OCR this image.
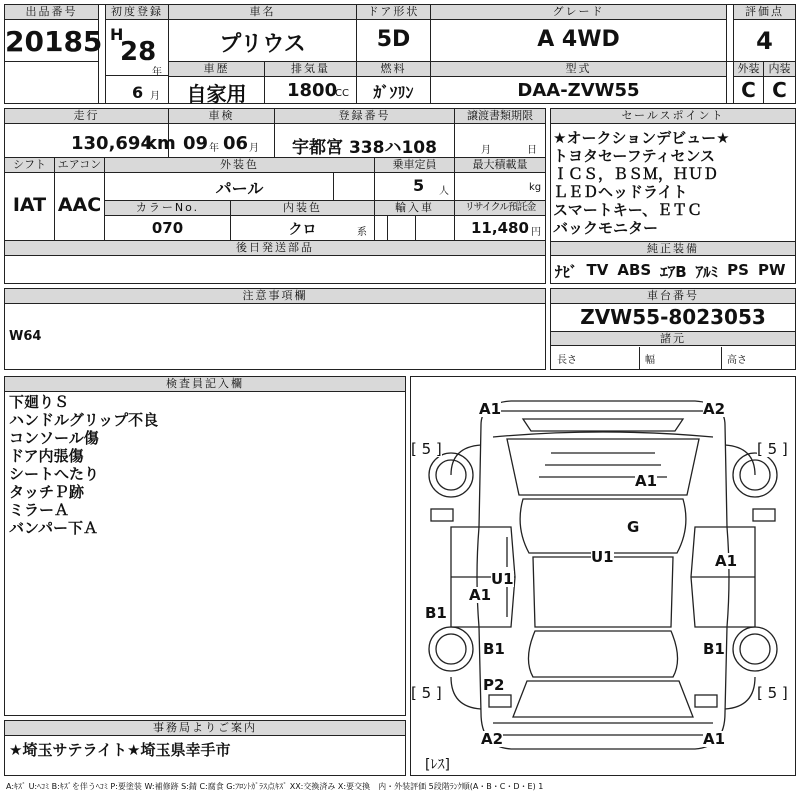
出品番号
20185
初度登録
H
28
年
6 月
車名
プリウス
ドア形状
5D
グレード
A 4WD
評価点
4
車歴
自家用
排気量
1800
CC
燃料
ｶﾞｿﾘﾝ
型式
DAA-ZVW55
外装
C
内装
C
走行
130,694
km
車検
09 年 06 月
登録番号
宇都宮 338ハ108
譲渡書類期限
月	日
シフト
IAT
エアコン
AAC
外装色
パール
乗車定員
5 人
最大積載量
kg
カラーNo.
070
内装色
クロ	系
輸入車	リサイクル預託金
11,480 円
後日発送部品
セールスポイント
★オークションデビュー★
トヨタセーフティセンス
ＩＣＳ，ＢＳＭ，ＨＵＤ
ＬＥＤヘッドライト
スマートキー、ＥＴＣ
バックモニター
純正装備
ﾅﾋﾞ TV ABS ｴｱB ｱﾙﾐ PS PW
注意事項欄
W64
車台番号
ZVW55-8023053
諸元
長さ	幅	高さ
検査員記入欄
下廻りＳ
ハンドルグリップ不良
コンソール傷
ドア内張傷
シートへたり
タッチＰ跡
ミラーＡ
バンパー下Ａ
事務局よりご案内
★埼玉サテライト★埼玉県幸手市
A1	A2
A1
G
U1	A1
U1
A1
B1
B1	B1
P2
A2	A1
[ 5 ]	[ 5 ]
[ 5 ]	[ 5 ]
[ﾚｽ]
A:ｷｽﾞ U:ﾍｺﾐ B:ｷｽﾞを伴うﾍｺﾐ P:要塗装 W:補修跡 S:錆 C:腐食 G:ﾌﾛﾝﾄｶﾞﾗｽ点ｷｽﾞ XX:交換済み X:要交換　内・外装評価 5段階ﾗﾝｸ順(A・B・C・D・E) 1
